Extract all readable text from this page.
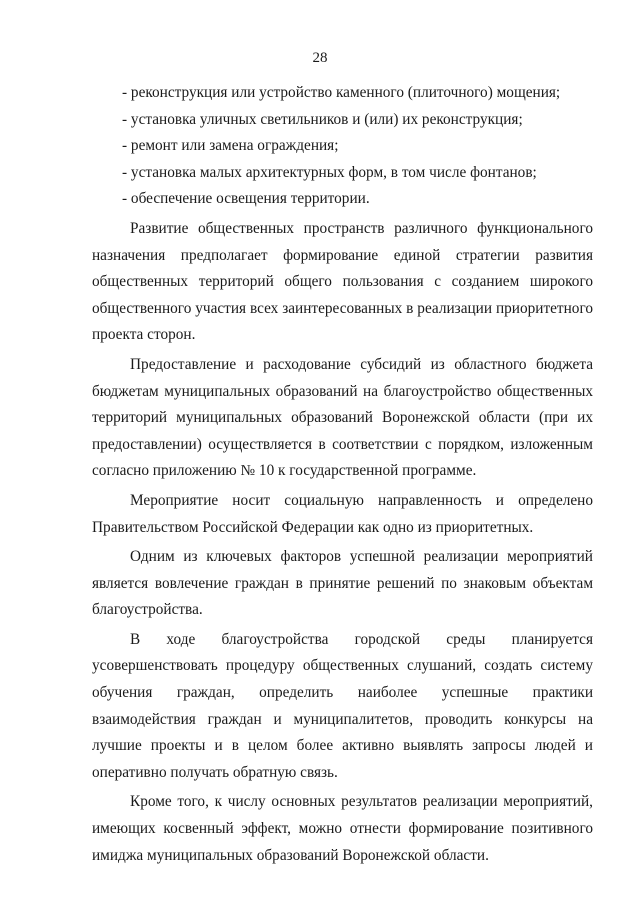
28

- реконструкция или устройство каменного (плиточного) мощения;

- установка уличных светильников и (или) их реконструкция;

- ремонт или замена ограждения;

- установка малых архитектурных форм, в том числе фонтанов;

- обеспечение освещения территории.

Развитие общественных пространств различного функционального назначения предполагает формирование единой стратегии развития общественных территорий общего пользования с созданием широкого общественного участия всех заинтересованных в реализации приоритетного проекта сторон.

Предоставление и расходование субсидий из областного бюджета бюджетам муниципальных образований на благоустройство общественных территорий муниципальных образований Воронежской области (при их предоставлении) осуществляется в соответствии с порядком, изложенным согласно приложению № 10 к государственной программе.

Мероприятие носит социальную направленность и определено Правительством Российской Федерации как одно из приоритетных.

Одним из ключевых факторов успешной реализации мероприятий является вовлечение граждан в принятие решений по знаковым объектам благоустройства.

В ходе благоустройства городской среды планируется усовершенствовать процедуру общественных слушаний, создать систему обучения граждан, определить наиболее успешные практики взаимодействия граждан и муниципалитетов, проводить конкурсы на лучшие проекты и в целом более активно выявлять запросы людей и оперативно получать обратную связь.

Кроме того, к числу основных результатов реализации мероприятий, имеющих косвенный эффект, можно отнести формирование позитивного имиджа муниципальных образований Воронежской области.
